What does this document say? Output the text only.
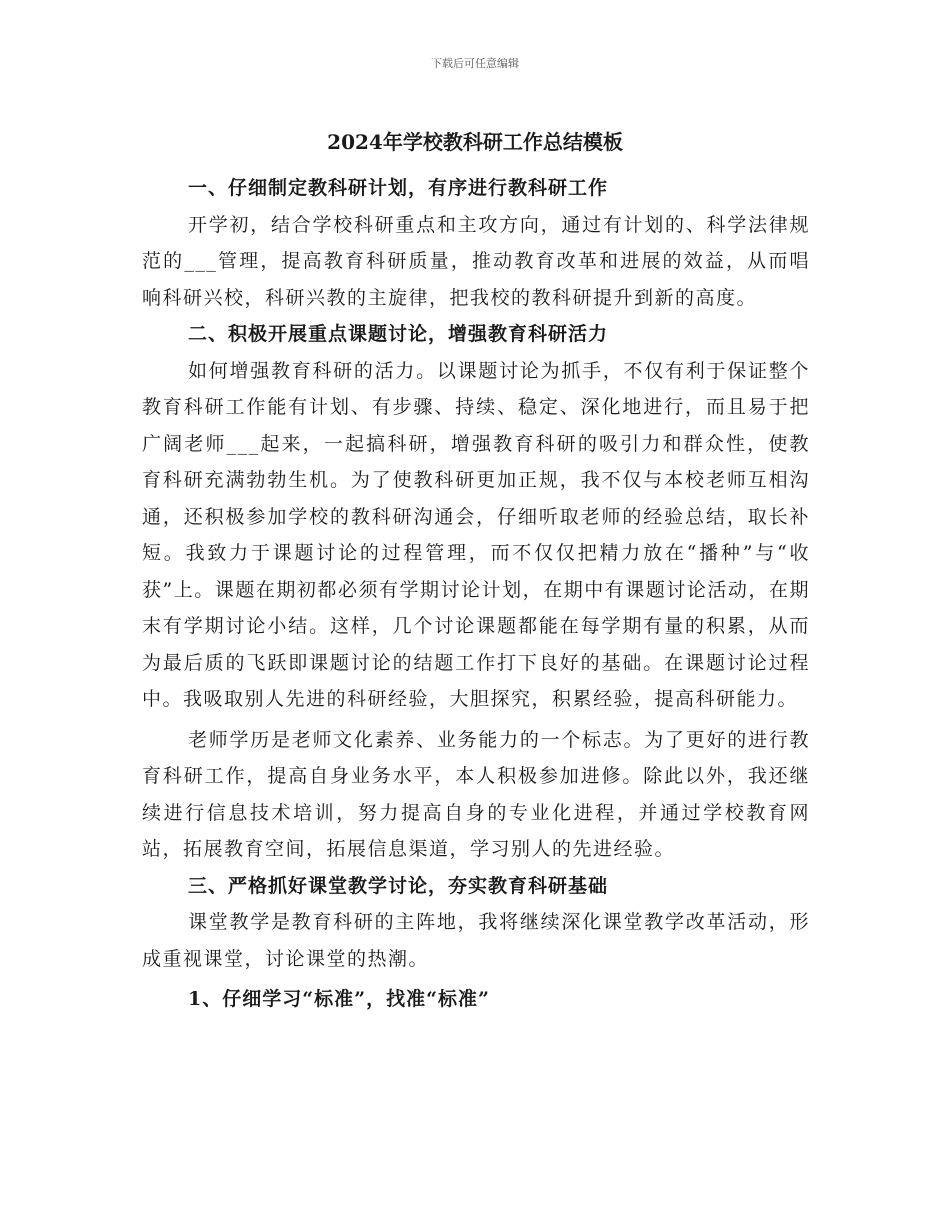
下载后可任意编辑
2024年学校教科研工作总结模板
一、仔细制定教科研计划，有序进行教科研工作

开学初，结合学校科研重点和主攻方向，通过有计划的、科学法律规范的___管理，提高教育科研质量，推动教育改革和进展的效益，从而唱响科研兴校，科研兴教的主旋律，把我校的教科研提升到新的高度。

二、积极开展重点课题讨论，增强教育科研活力

如何增强教育科研的活力。以课题讨论为抓手，不仅有利于保证整个教育科研工作能有计划、有步骤、持续、稳定、深化地进行，而且易于把广阔老师___起来，一起搞科研，增强教育科研的吸引力和群众性，使教育科研充满勃勃生机。为了使教科研更加正规，我不仅与本校老师互相沟通，还积极参加学校的教科研沟通会，仔细听取老师的经验总结，取长补短。我致力于课题讨论的过程管理，而不仅仅把精力放在“播种”与“收获”上。课题在期初都必须有学期讨论计划，在期中有课题讨论活动，在期末有学期讨论小结。这样，几个讨论课题都能在每学期有量的积累，从而为最后质的飞跃即课题讨论的结题工作打下良好的基础。在课题讨论过程中。我吸取别人先进的科研经验，大胆探究，积累经验，提高科研能力。

老师学历是老师文化素养、业务能力的一个标志。为了更好的进行教育科研工作，提高自身业务水平，本人积极参加进修。除此以外，我还继续进行信息技术培训，努力提高自身的专业化进程，并通过学校教育网站，拓展教育空间，拓展信息渠道，学习别人的先进经验。

三、严格抓好课堂教学讨论，夯实教育科研基础

课堂教学是教育科研的主阵地，我将继续深化课堂教学改革活动，形成重视课堂，讨论课堂的热潮。

1、仔细学习“标准”，找准“标准”
